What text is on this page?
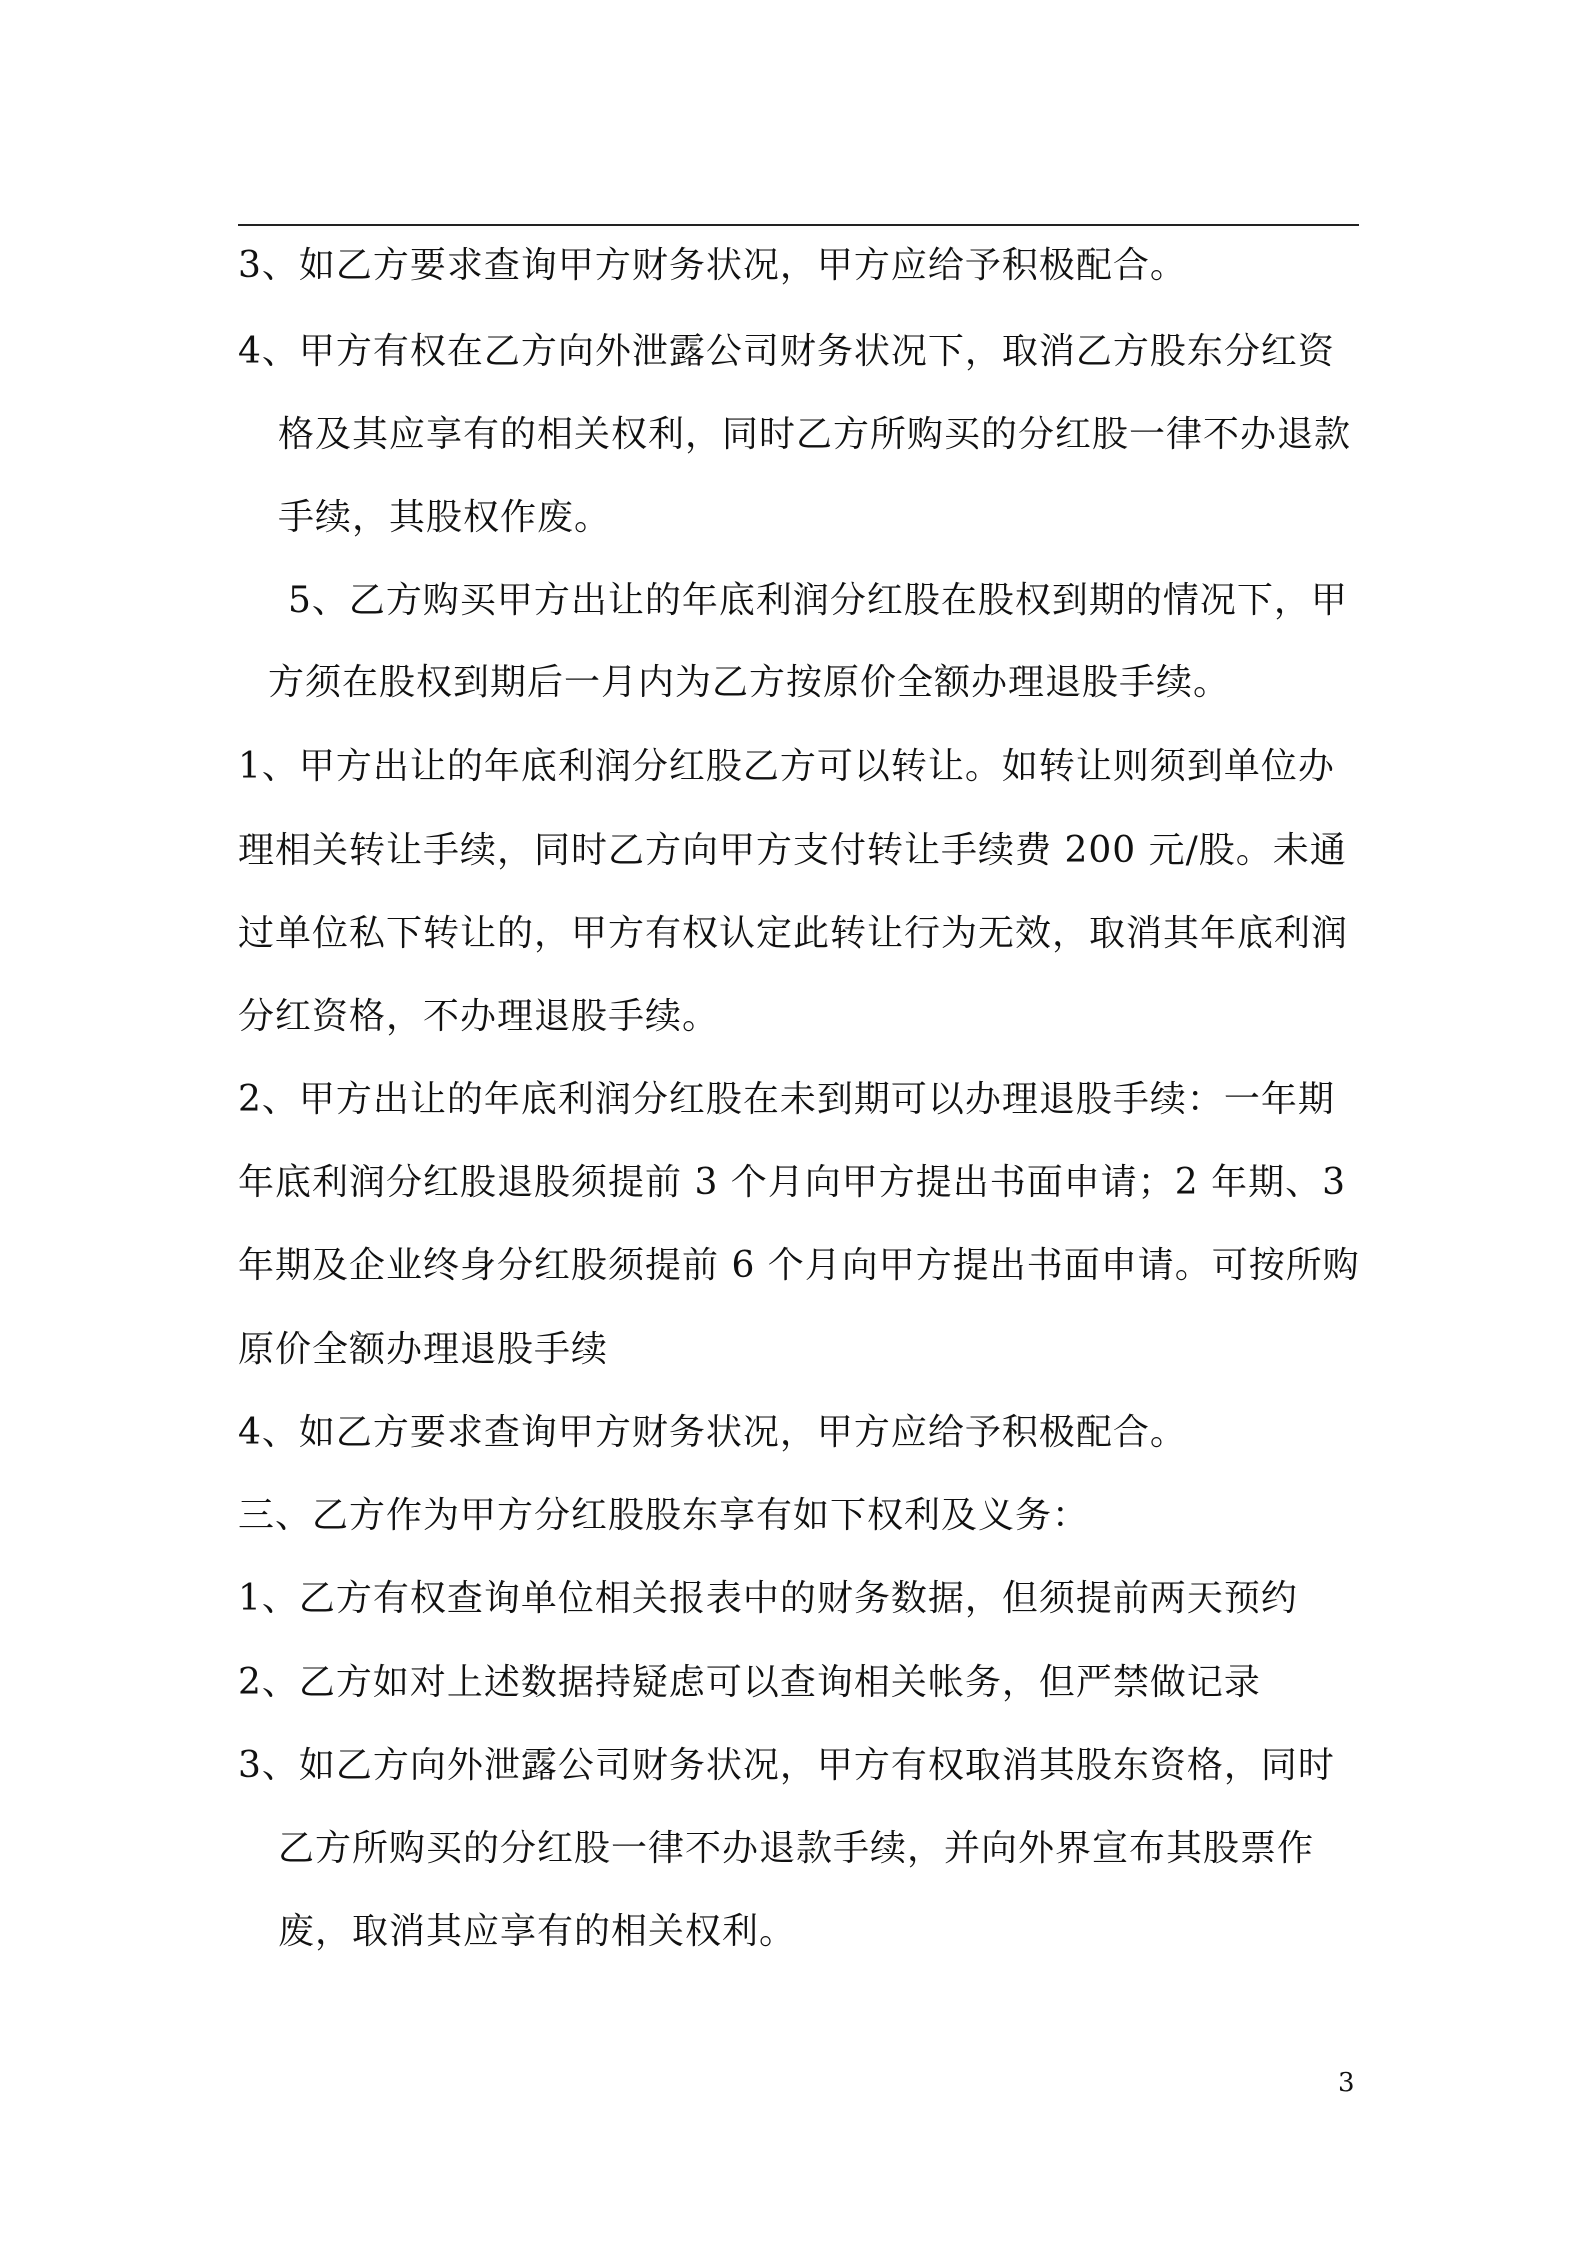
3、如乙方要求查询甲方财务状况，甲方应给予积极配合。
4、甲方有权在乙方向外泄露公司财务状况下，取消乙方股东分红资
格及其应享有的相关权利，同时乙方所购买的分红股一律不办退款
手续，其股权作废。
5、乙方购买甲方出让的年底利润分红股在股权到期的情况下，甲
方须在股权到期后一月内为乙方按原价全额办理退股手续。
1、甲方出让的年底利润分红股乙方可以转让。如转让则须到单位办
理相关转让手续，同时乙方向甲方支付转让手续费 200 元/股。未通
过单位私下转让的，甲方有权认定此转让行为无效，取消其年底利润
分红资格，不办理退股手续。
2、甲方出让的年底利润分红股在未到期可以办理退股手续：一年期
年底利润分红股退股须提前 3 个月向甲方提出书面申请；2 年期、3
年期及企业终身分红股须提前 6 个月向甲方提出书面申请。可按所购
原价全额办理退股手续
4、如乙方要求查询甲方财务状况，甲方应给予积极配合。
三、乙方作为甲方分红股股东享有如下权利及义务：
1、乙方有权查询单位相关报表中的财务数据，但须提前两天预约
2、乙方如对上述数据持疑虑可以查询相关帐务，但严禁做记录
3、如乙方向外泄露公司财务状况，甲方有权取消其股东资格，同时
乙方所购买的分红股一律不办退款手续，并向外界宣布其股票作
废，取消其应享有的相关权利。
3
